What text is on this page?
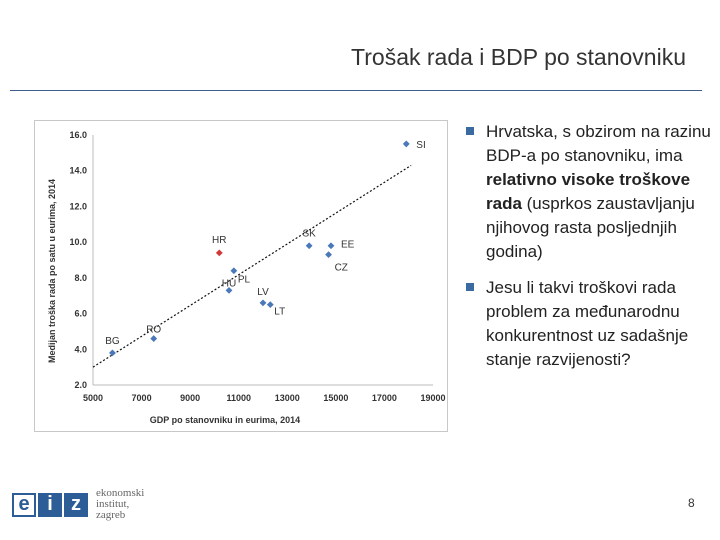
Trošak rada i BDP po stanovniku
5000	7000	9000	11000	13000	15000	17000	19000
2.0
4.0
6.0
8.0
10.0
12.0
14.0
16.0
SI
SK
EE
CZ
HR
PL
HU
LV
LT
RO
BG
GDP po stanovniku in eurima, 2014
Medijan troška rada po satu u eurima, 2014
Hrvatska, s obzirom na razinu BDP-a po stanovniku, ima relativno visoke troškove rada (usprkos zaustavljanju njihovog rasta posljednjih godina)
Jesu li takvi troškovi rada problem za međunarodnu konkurentnost uz sadašnje stanje razvijenosti?
e i z	ekonomski
institut,
zagreb
8
